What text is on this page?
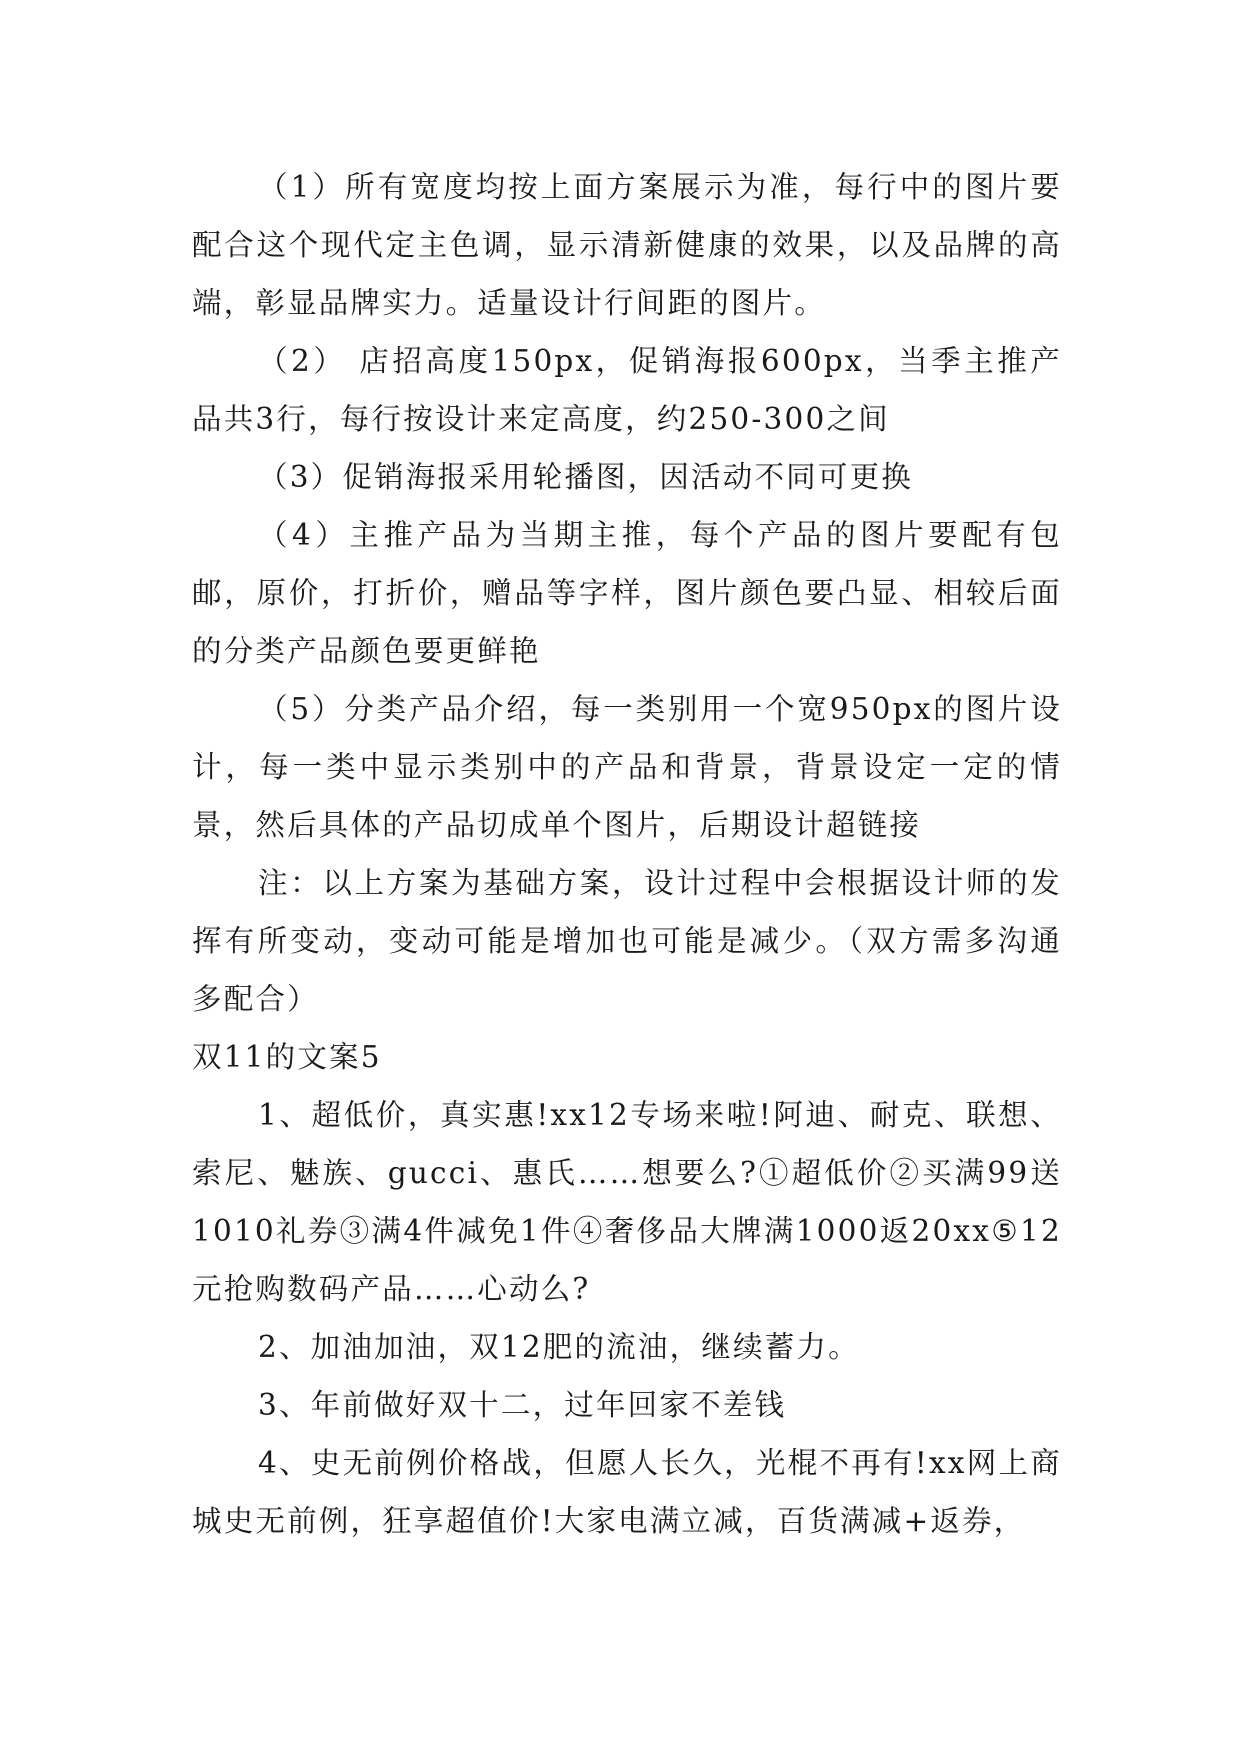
（1）所有宽度均按上面方案展示为准，每行中的图片要配合这个现代定主色调，显示清新健康的效果，以及品牌的高端，彰显品牌实力。适量设计行间距的图片。

（2） 店招高度150px，促销海报600px，当季主推产品共3行，每行按设计来定高度，约250-300之间

（3）促销海报采用轮播图，因活动不同可更换

（4）主推产品为当期主推，每个产品的图片要配有包邮，原价，打折价，赠品等字样，图片颜色要凸显、相较后面的分类产品颜色要更鲜艳

（5）分类产品介绍，每一类别用一个宽950px的图片设计，每一类中显示类别中的产品和背景，背景设定一定的情景，然后具体的产品切成单个图片，后期设计超链接

注：以上方案为基础方案，设计过程中会根据设计师的发挥有所变动，变动可能是增加也可能是减少。（双方需多沟通多配合）

双11的文案5

1、超低价，真实惠!xx12专场来啦!阿迪、耐克、联想、索尼、魅族、gucci、惠氏……想要么?①超低价②买满99送1010礼券③满4件减免1件④奢侈品大牌满1000返20xx⑤12元抢购数码产品……心动么?

2、加油加油，双12肥的流油，继续蓄力。

3、年前做好双十二，过年回家不差钱

4、史无前例价格战，但愿人长久，光棍不再有!xx网上商城史无前例，狂享超值价!大家电满立减，百货满减+返券，
